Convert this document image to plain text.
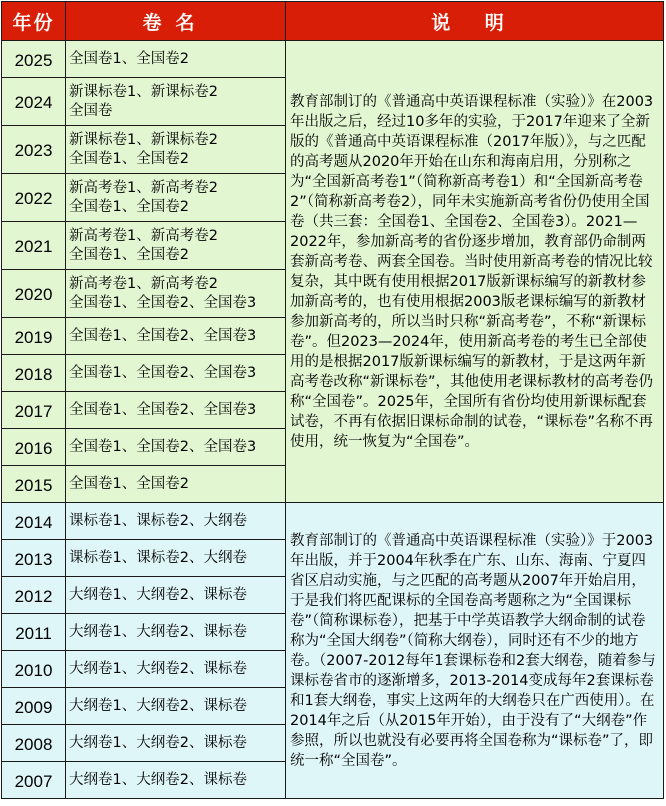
年份	卷名	说 明
2025	全国卷1、全国卷2	教育部制订的《普通高中英语课程标准（实验）》在2003年出版之后，经过10多年的实验，于2017年迎来了全新版的《普通高中英语课程标准（2017年版）》，与之匹配的高考题从2020年开始在山东和海南启用，分别称之为“全国新高考卷1”（简称新高考卷1）和“全国新高考卷2”（简称新高考卷2），同年未实施新高考省份仍使用全国卷（共三套：全国卷1、全国卷2、全国卷3）。2021—2022年，参加新高考的省份逐步增加，教育部仍命制两套新高考卷、两套全国卷。当时使用新高考卷的情况比较复杂，其中既有使用根据2017版新课标编写的新教材参加新高考的，也有使用根据2003版老课标编写的新教材参加新高考的，所以当时只称“新高考卷”，不称“新课标卷”。但2023—2024年，使用新高考卷的考生已全部使用的是根据2017版新课标编写的新教材，于是这两年新高考卷改称“新课标卷”，其他使用老课标教材的高考卷仍称“全国卷”。2025年，全国所有省份均使用新课标配套试卷，不再有依据旧课标命制的试卷，“课标卷”名称不再使用，统一恢复为“全国卷”。
2024	新课标卷1、新课标卷2
全国卷	

2023	新课标卷1、新课标卷2
全国卷1、全国卷2	

2022	新高考卷1、新高考卷2
全国卷1、全国卷2	

2021	新高考卷1、新高考卷2
全国卷1、全国卷2	

2020	新高考卷1、新高考卷2
全国卷1、全国卷2、全国卷3	

2019	全国卷1、全国卷2、全国卷3	

2018	全国卷1、全国卷2、全国卷3	

2017	全国卷1、全国卷2、全国卷3	

2016	全国卷1、全国卷2、全国卷3	

2015	全国卷1、全国卷2	

2014	课标卷1、课标卷2、大纲卷	教育部制订的《普通高中英语课程标准（实验）》于2003年出版，并于2004年秋季在广东、山东、海南、宁夏四省区启动实施，与之匹配的高考题从2007年开始启用，于是我们将匹配课标的全国卷高考题称之为“全国课标卷”（简称课标卷），把基于中学英语教学大纲命制的试卷称为“全国大纲卷”（简称大纲卷），同时还有不少的地方卷。（2007-2012每年1套课标卷和2套大纲卷，随着参与课标卷省市的逐渐增多，2013-2014变成每年2套课标卷和1套大纲卷，事实上这两年的大纲卷只在广西使用）。在2014年之后（从2015年开始），由于没有了“大纲卷”作参照，所以也就没有必要再将全国卷称为“课标卷”了，即统一称“全国卷”。
2013	课标卷1、课标卷2、大纲卷	

2012	大纲卷1、大纲卷2、课标卷	

2011	大纲卷1、大纲卷2、课标卷	

2010	大纲卷1、大纲卷2、课标卷	

2009	大纲卷1、大纲卷2、课标卷	

2008	大纲卷1、大纲卷2、课标卷	

2007	大纲卷1、大纲卷2、课标卷	
